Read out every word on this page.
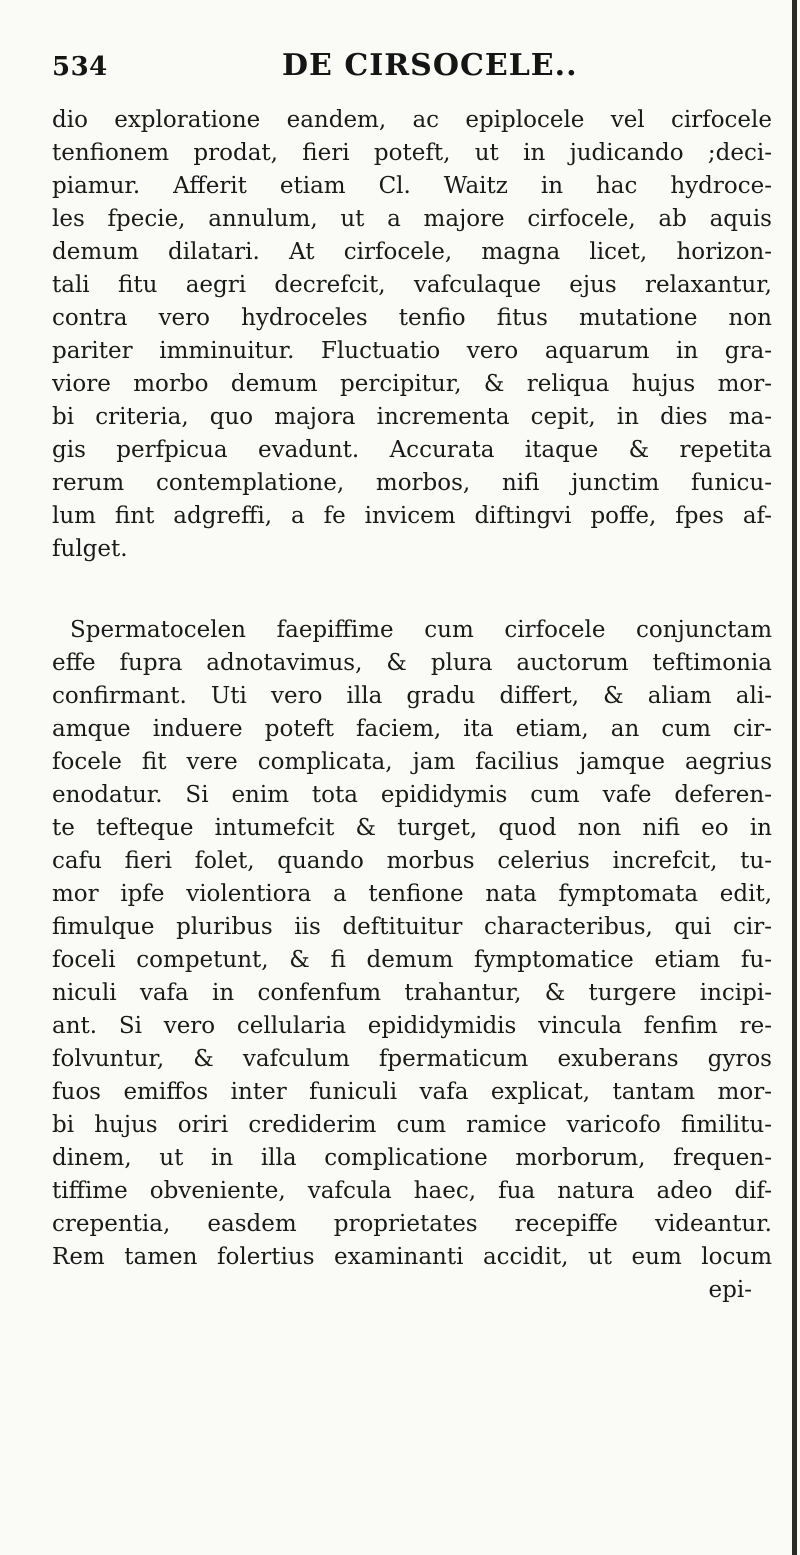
534	DE CIRSOCELE..
dio exploratione eandem, ac epiplocele vel cirfocele
tenfionem prodat, fieri poteft, ut in judicando ;deci-
piamur. Afferit etiam Cl. Waitz in hac hydroce-
les fpecie, annulum, ut a majore cirfocele, ab aquis
demum dilatari. At cirfocele, magna licet, horizon-
tali fitu aegri decrefcit, vafculaque ejus relaxantur,
contra vero hydroceles tenfio fitus mutatione non
pariter imminuitur. Fluctuatio vero aquarum in gra-
viore morbo demum percipitur, & reliqua hujus mor-
bi criteria, quo majora incrementa cepit, in dies ma-
gis perfpicua evadunt. Accurata itaque & repetita
rerum contemplatione, morbos, nifi junctim funicu-
lum fint adgreffi, a fe invicem diftingvi poffe, fpes af-
fulget.
Spermatocelen faepiffime cum cirfocele conjunctam
effe fupra adnotavimus, & plura auctorum teftimonia
confirmant. Uti vero illa gradu differt, & aliam ali-
amque induere poteft faciem, ita etiam, an cum cir-
focele fit vere complicata, jam facilius jamque aegrius
enodatur. Si enim tota epididymis cum vafe deferen-
te tefteque intumefcit & turget, quod non nifi eo in
cafu fieri folet, quando morbus celerius increfcit, tu-
mor ipfe violentiora a tenfione nata fymptomata edit,
fimulque pluribus iis deftituitur characteribus, qui cir-
foceli competunt, & fi demum fymptomatice etiam fu-
niculi vafa in confenfum trahantur, & turgere incipi-
ant. Si vero cellularia epididymidis vincula fenfim re-
folvuntur, & vafculum fpermaticum exuberans gyros
fuos emiffos inter funiculi vafa explicat, tantam mor-
bi hujus oriri crediderim cum ramice varicofo fimilitu-
dinem, ut in illa complicatione morborum, frequen-
tiffime obveniente, vafcula haec, fua natura adeo dif-
crepentia, easdem proprietates recepiffe videantur.
Rem tamen folertius examinanti accidit, ut eum locum
epi-
